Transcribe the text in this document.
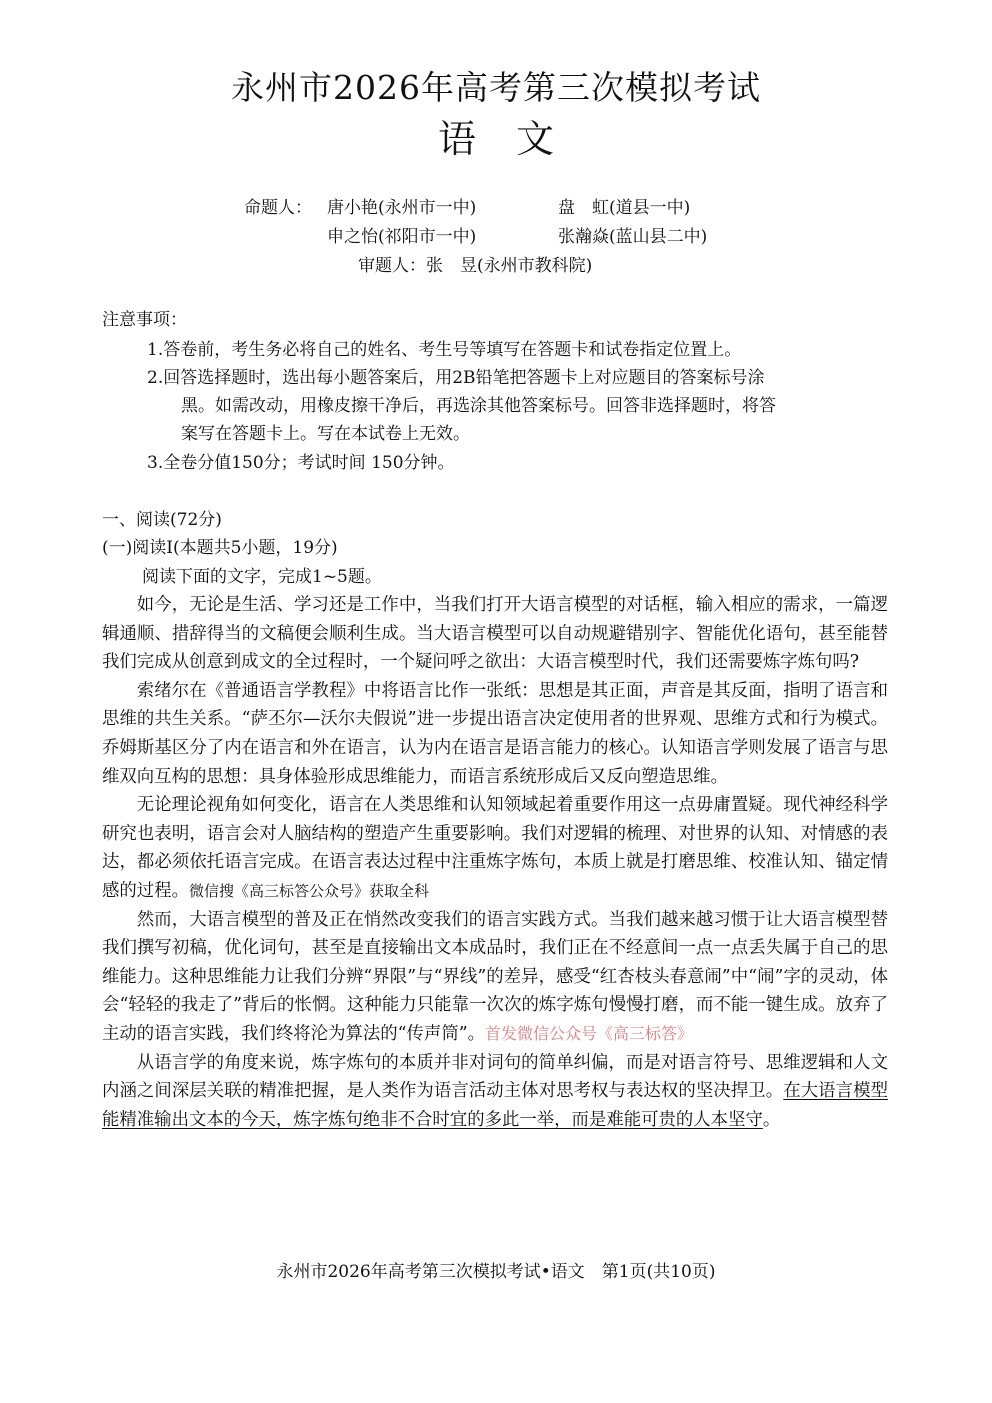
永州市2026年高考第三次模拟考试
语文
命题人： 唐小艳(永州市一中)	盘　虹(道县一中)
申之怡(祁阳市一中)	张瀚焱(蓝山县二中)
审题人：张　昱(永州市教科院)
注意事项：
1.答卷前，考生务必将自己的姓名、考生号等填写在答题卡和试卷指定位置上。
2.回答选择题时，选出每小题答案后，用2B铅笔把答题卡上对应题目的答案标号涂
黑。如需改动，用橡皮擦干净后，再选涂其他答案标号。回答非选择题时，将答
案写在答题卡上。写在本试卷上无效。
3.全卷分值150分；考试时间 150分钟。
一、阅读(72分)
(一)阅读Ⅰ(本题共5小题，19分)
阅读下面的文字，完成1~5题。

如今，无论是生活、学习还是工作中，当我们打开大语言模型的对话框，输入相应的需求，一篇逻辑通顺、措辞得当的文稿便会顺利生成。当大语言模型可以自动规避错别字、智能优化语句，甚至能替我们完成从创意到成文的全过程时，一个疑问呼之欲出：大语言模型时代，我们还需要炼字炼句吗?

索绪尔在《普通语言学教程》中将语言比作一张纸：思想是其正面，声音是其反面，指明了语言和思维的共生关系。“萨丕尔—沃尔夫假说”进一步提出语言决定使用者的世界观、思维方式和行为模式。乔姆斯基区分了内在语言和外在语言，认为内在语言是语言能力的核心。认知语言学则发展了语言与思维双向互构的思想：具身体验形成思维能力，而语言系统形成后又反向塑造思维。

无论理论视角如何变化，语言在人类思维和认知领域起着重要作用这一点毋庸置疑。现代神经科学研究也表明，语言会对人脑结构的塑造产生重要影响。我们对逻辑的梳理、对世界的认知、对情感的表达，都必须依托语言完成。在语言表达过程中注重炼字炼句，本质上就是打磨思维、校准认知、锚定情感的过程。微信搜《高三标答公众号》获取全科

然而，大语言模型的普及正在悄然改变我们的语言实践方式。当我们越来越习惯于让大语言模型替我们撰写初稿，优化词句，甚至是直接输出文本成品时，我们正在不经意间一点一点丢失属于自己的思维能力。这种思维能力让我们分辨“界限”与“界线”的差异，感受“红杏枝头春意闹”中“闹”字的灵动，体会“轻轻的我走了”背后的怅惘。这种能力只能靠一次次的炼字炼句慢慢打磨，而不能一键生成。放弃了主动的语言实践，我们终将沦为算法的“传声筒”。首发微信公众号《高三标答》

从语言学的角度来说，炼字炼句的本质并非对词句的简单纠偏，而是对语言符号、思维逻辑和人文内涵之间深层关联的精准把握，是人类作为语言活动主体对思考权与表达权的坚决捍卫。在大语言模型能精准输出文本的今天，炼字炼句绝非不合时宜的多此一举，而是难能可贵的人本坚守。

永州市2026年高考第三次模拟考试•语文　第1页(共10页)
